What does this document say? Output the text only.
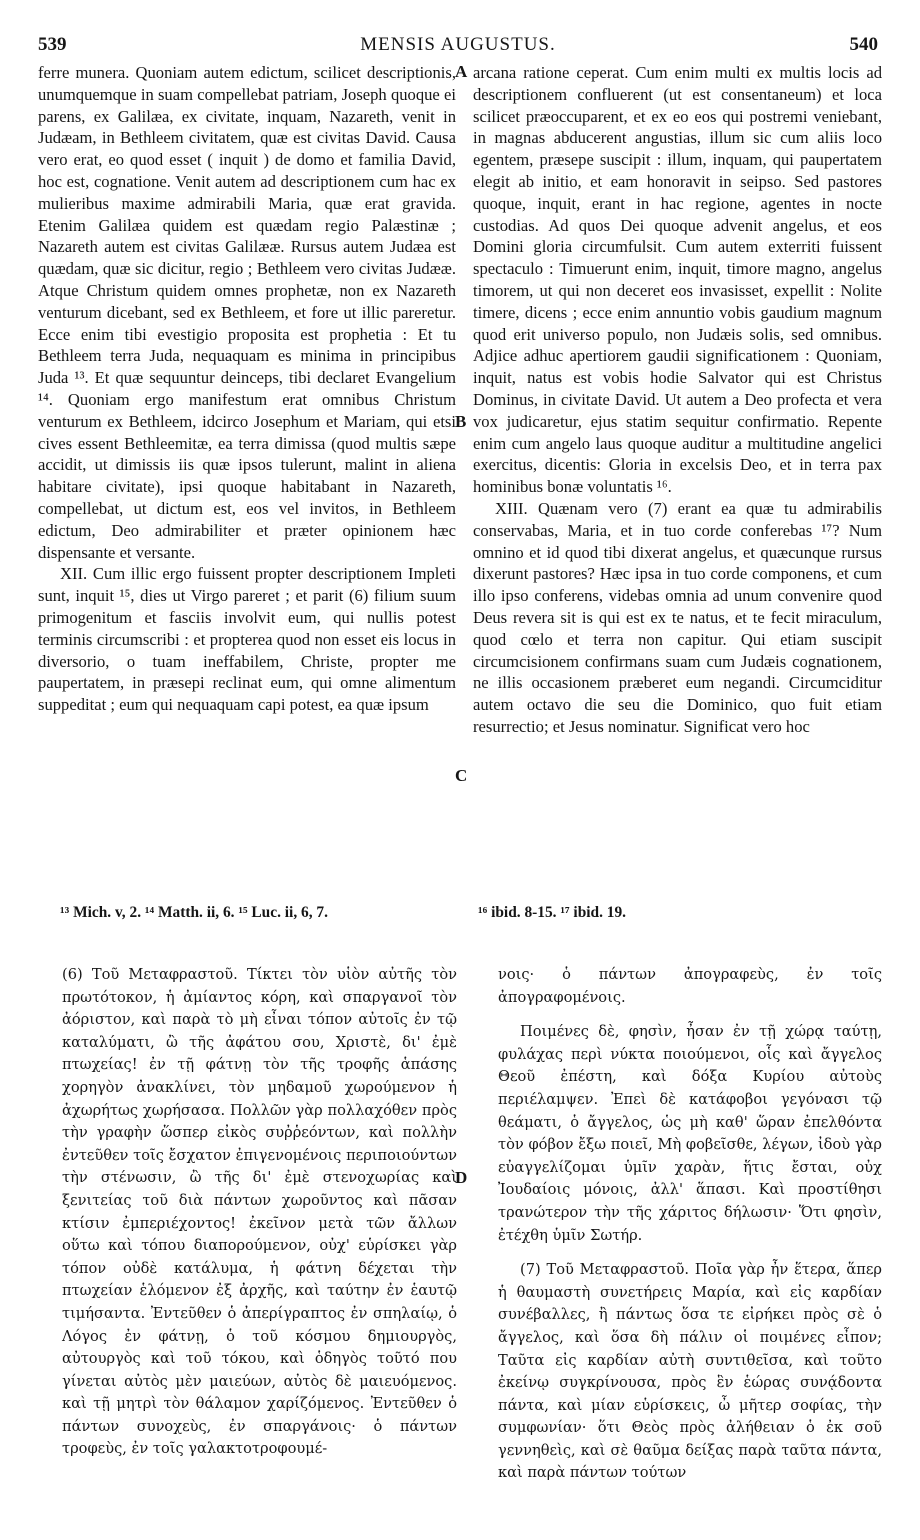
539	MENSIS AUGUSTUS.	540

ferre munera. Quoniam autem edictum, scilicet descriptionis, unumquemque in suam compellebat patriam, Joseph quoque ei parens, ex Galilæa, ex civitate, inquam, Nazareth, venit in Judæam, in Bethleem civitatem, quæ est civitas David. Causa vero erat, eo quod esset ( inquit ) de domo et familia David, hoc est, cognatione. Venit autem ad descriptionem cum hac ex mulieribus maxime admirabili Maria, quæ erat gravida. Etenim Galilæa quidem est quædam regio Palæstinæ ; Nazareth autem est civitas Galilææ. Rursus autem Judæa est quædam, quæ sic dicitur, regio ; Bethleem vero civitas Judææ. Atque Christum quidem omnes prophetæ, non ex Nazareth venturum dicebant, sed ex Bethleem, et fore ut illic pareretur. Ecce enim tibi evestigio proposita est prophetia : Et tu Bethleem terra Juda, nequaquam es minima in principibus Juda ¹³. Et quæ sequuntur deinceps, tibi declaret Evangelium ¹⁴. Quoniam ergo manifestum erat omnibus Christum venturum ex Bethleem, idcirco Josephum et Mariam, qui etsi cives essent Bethleemitæ, ea terra dimissa (quod multis sæpe accidit, ut dimissis iis quæ ipsos tulerunt, malint in aliena habitare civitate), ipsi quoque habitabant in Nazareth, compellebat, ut dictum est, eos vel invitos, in Bethleem edictum, Deo admirabiliter et præter opinionem hæc dispensante et versante.

XII. Cum illic ergo fuissent propter descriptionem Impleti sunt, inquit ¹⁵, dies ut Virgo pareret ; et parit (6) filium suum primogenitum et fasciis involvit eum, qui nullis potest terminis circumscribi : et propterea quod non esset eis locus in diversorio, o tuam ineffabilem, Christe, propter me paupertatem, in præsepi reclinat eum, qui omne alimentum suppeditat ; eum qui nequaquam capi potest, ea quæ ipsum

arcana ratione ceperat. Cum enim multi ex multis locis ad descriptionem confluerent (ut est consentaneum) et loca scilicet præoccuparent, et ex eo eos qui postremi veniebant, in magnas abducerent angustias, illum sic cum aliis loco egentem, præsepe suscipit : illum, inquam, qui paupertatem elegit ab initio, et eam honoravit in seipso. Sed pastores quoque, inquit, erant in hac regione, agentes in nocte custodias. Ad quos Dei quoque advenit angelus, et eos Domini gloria circumfulsit. Cum autem exterriti fuissent spectaculo : Timuerunt enim, inquit, timore magno, angelus timorem, ut qui non deceret eos invasisset, expellit : Nolite timere, dicens ; ecce enim annuntio vobis gaudium magnum quod erit universo populo, non Judæis solis, sed omnibus. Adjice adhuc apertiorem gaudii significationem : Quoniam, inquit, natus est vobis hodie Salvator qui est Christus Dominus, in civitate David. Ut autem a Deo profecta et vera vox judicaretur, ejus statim sequitur confirmatio. Repente enim cum angelo laus quoque auditur a multitudine angelici exercitus, dicentis: Gloria in excelsis Deo, et in terra pax hominibus bonæ voluntatis ¹⁶.

XIII. Quænam vero (7) erant ea quæ tu admirabilis conservabas, Maria, et in tuo corde conferebas ¹⁷? Num omnino et id quod tibi dixerat angelus, et quæcunque rursus dixerunt pastores? Hæc ipsa in tuo corde componens, et cum illo ipso conferens, videbas omnia ad unum convenire quod Deus revera sit is qui est ex te natus, et te fecit miraculum, quod cœlo et terra non capitur. Qui etiam suscipit circumcisionem confirmans suam cum Judæis cognationem, ne illis occasionem præberet eum negandi. Circumciditur autem octavo die seu die Dominico, quo fuit etiam resurrectio; et Jesus nominatur. Significat vero hoc

A
B
C
D
¹³ Mich. v, 2. ¹⁴ Matth. ii, 6. ¹⁵ Luc. ii, 6, 7.	¹⁶ ibid. 8-15. ¹⁷ ibid. 19.

(6) Τοῦ Μεταφραστοῦ. Τίκτει τὸν υἱὸν αὐτῆς τὸν πρωτότοκον, ἡ ἀμίαντος κόρη, καὶ σπαργανοῖ τὸν ἀόριστον, καὶ παρὰ τὸ μὴ εἶναι τόπον αὐτοῖς ἐν τῷ καταλύματι, ὢ τῆς ἀφάτου σου, Χριστὲ, δι' ἐμὲ πτωχείας! ἐν τῇ φάτνῃ τὸν τῆς τροφῆς ἁπάσης χορηγὸν ἀνακλίνει, τὸν μηδαμοῦ χωρούμενον ἡ ἀχωρήτως χωρήσασα. Πολλῶν γὰρ πολλαχόθεν πρὸς τὴν γραφὴν ὥσπερ εἰκὸς συῤῥεόντων, καὶ πολλὴν ἐντεῦθεν τοῖς ἔσχατον ἐπιγενομένοις περιποιούντων τὴν στένωσιν, ὢ τῆς δι' ἐμὲ στενοχωρίας καὶ ξενιτείας τοῦ διὰ πάντων χωροῦντος καὶ πᾶσαν κτίσιν ἐμπεριέχοντος! ἐκεῖνον μετὰ τῶν ἄλλων οὕτω καὶ τόπου διαπορούμενον, οὐχ' εὑρίσκει γὰρ τόπον οὐδὲ κατάλυμα, ἡ φάτνη δέχεται τὴν πτωχείαν ἑλόμενον ἐξ ἀρχῆς, καὶ ταύτην ἐν ἑαυτῷ τιμήσαντα. Ἐντεῦθεν ὁ ἀπερίγραπτος ἐν σπηλαίῳ, ὁ Λόγος ἐν φάτνῃ, ὁ τοῦ κόσμου δημιουργὸς, αὐτουργὸς καὶ τοῦ τόκου, καὶ ὁδηγὸς τοῦτό που γίνεται αὐτὸς μὲν μαιεύων, αὐτὸς δὲ μαιευόμενος. καὶ τῇ μητρὶ τὸν θάλαμον χαρίζόμενος. Ἐντεῦθεν ὁ πάντων συνοχεὺς, ἐν σπαργάνοις· ὁ πάντων τροφεὺς, ἐν τοῖς γαλακτοτροφουμέ-

νοις· ὁ πάντων ἀπογραφεὺς, ἐν τοῖς ἀπογραφομένοις.

Ποιμένες δὲ, φησὶν, ἦσαν ἐν τῇ χώρᾳ ταύτῃ, φυλάχας περὶ νύκτα ποιούμενοι, οἷς καὶ ἄγγελος Θεοῦ ἐπέστη, καὶ δόξα Κυρίου αὐτοὺς περιέλαμψεν. Ἐπεὶ δὲ κατάφοβοι γεγόνασι τῷ θεάματι, ὁ ἄγγελος, ὡς μὴ καθ' ὥραν ἐπελθόντα τὸν φόβον ἔξω ποιεῖ, Μὴ φοβεῖσθε, λέγων, ἰδοὺ γὰρ εὐαγγελίζομαι ὑμῖν χαρὰν, ἥτις ἔσται, οὐχ Ἰουδαίοις μόνοις, ἀλλ' ἅπασι. Καὶ προστίθησι τρανώτερον τὴν τῆς χάριτος δήλωσιν· Ὅτι φησὶν, ἐτέχθη ὑμῖν Σωτήρ.

(7) Τοῦ Μεταφραστοῦ. Ποῖα γὰρ ἦν ἕτερα, ἅπερ ἡ θαυμαστὴ συνετήρεις Μαρία, καὶ εἰς καρδίαν συνέβαλλες, ἢ πάντως ὅσα τε εἰρήκει πρὸς σὲ ὁ ἄγγελος, καὶ ὅσα δὴ πάλιν οἱ ποιμένες εἶπον; Ταῦτα εἰς καρδίαν αὐτὴ συντιθεῖσα, καὶ τοῦτο ἐκείνῳ συγκρίνουσα, πρὸς ἓν ἑώρας συνᾴδοντα πάντα, καὶ μίαν εὑρίσκεις, ὦ μῆτερ σοφίας, τὴν συμφωνίαν· ὅτι Θεὸς πρὸς ἀλήθειαν ὁ ἐκ σοῦ γεννηθεὶς, καὶ σὲ θαῦμα δείξας παρὰ ταῦτα πάντα, καὶ παρὰ πάντων τούτων
